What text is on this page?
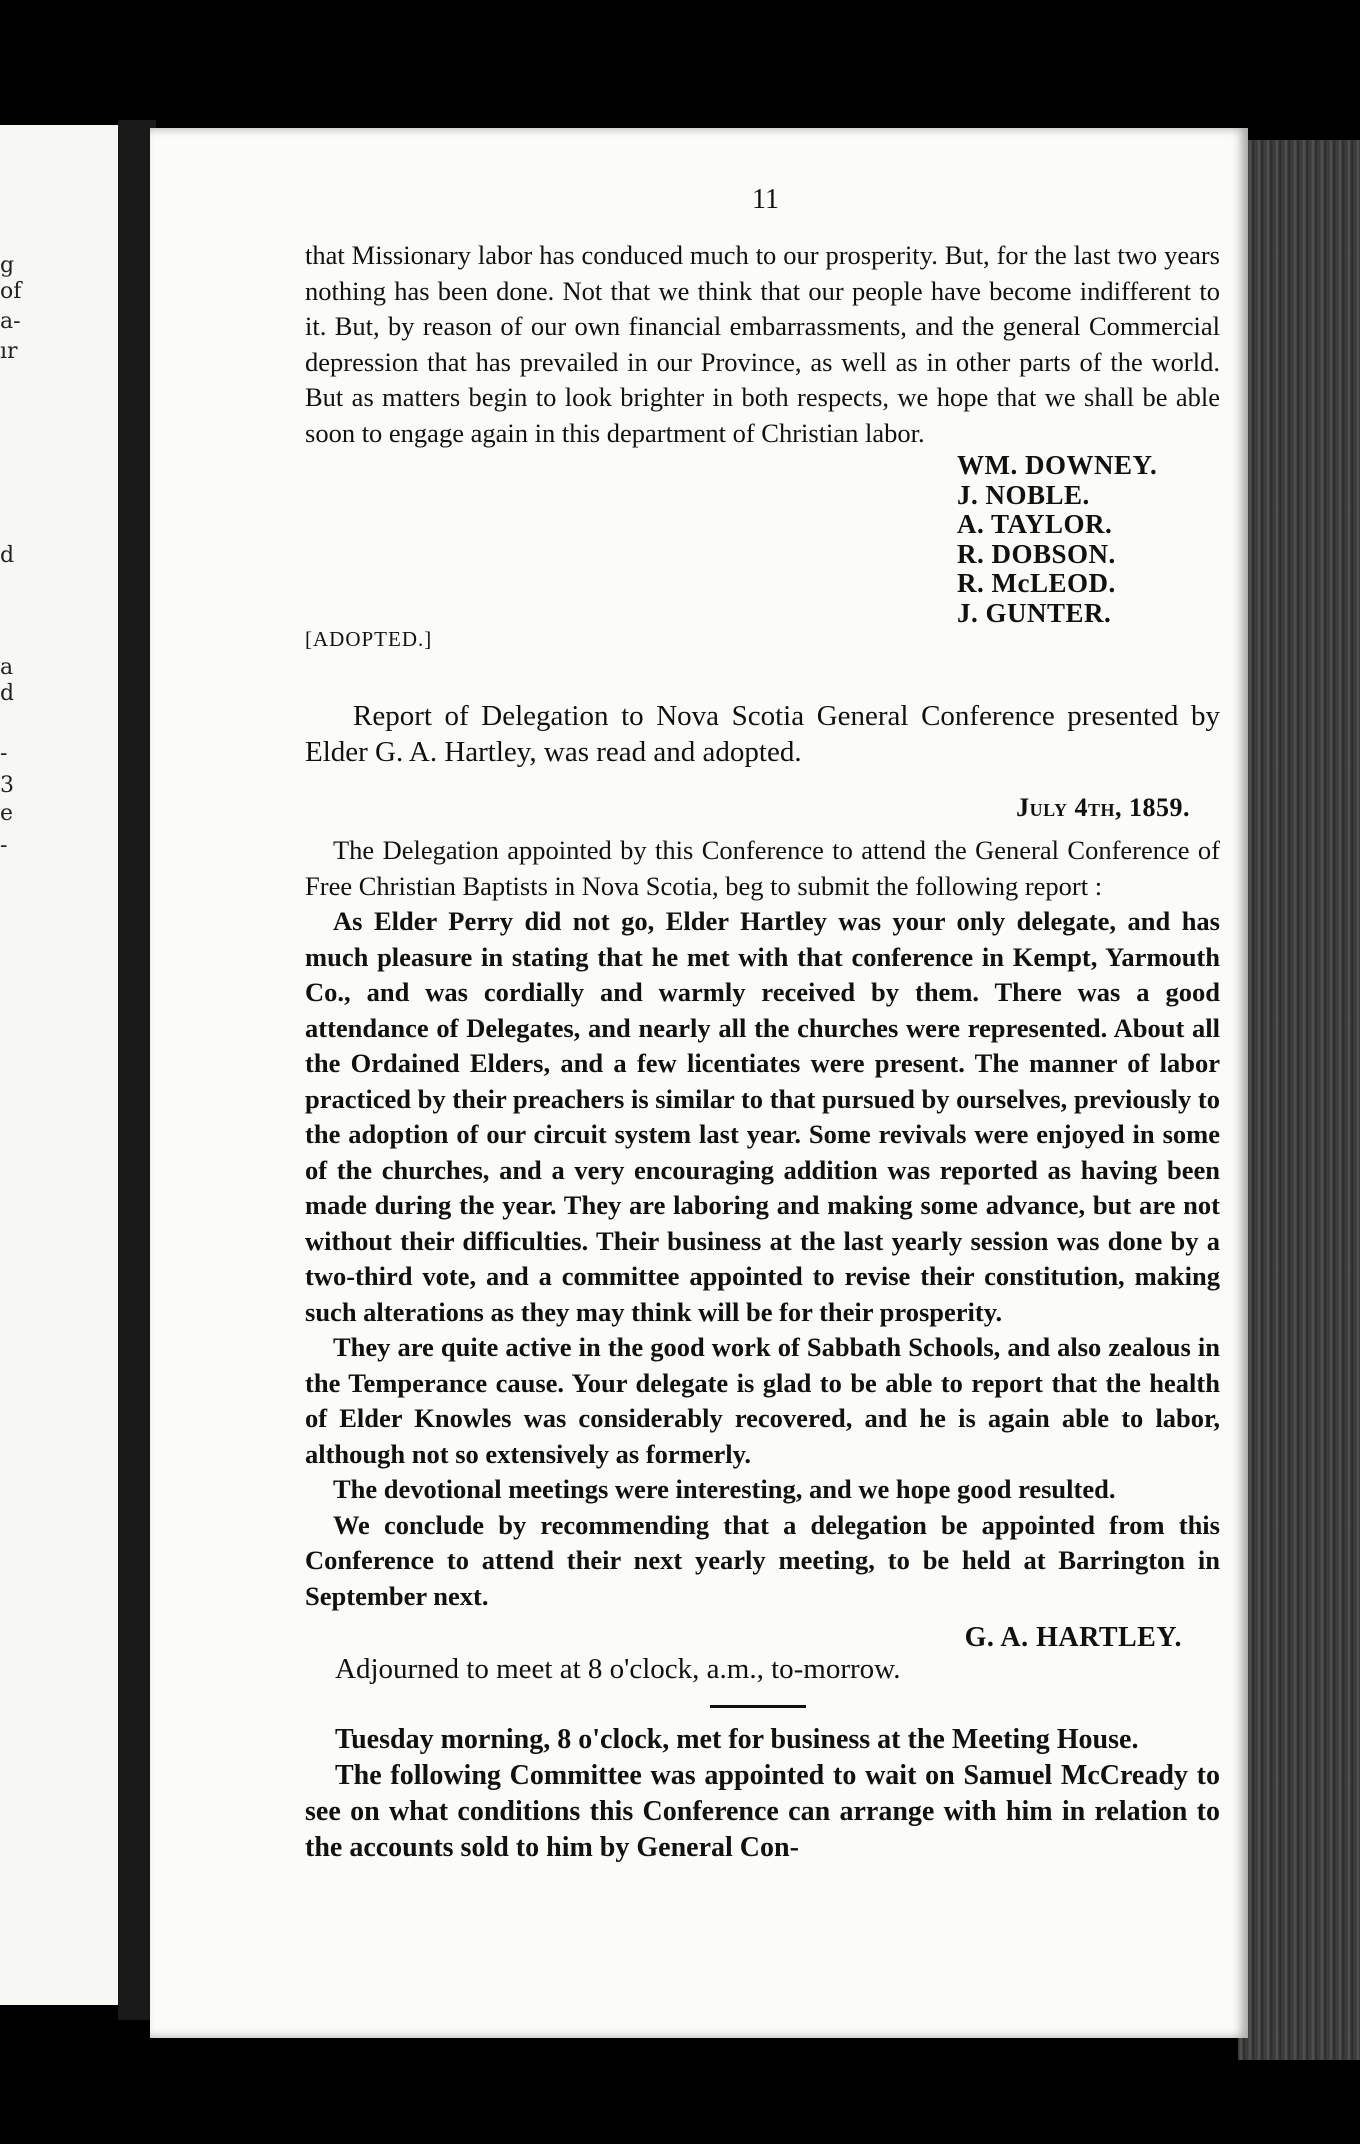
g
of
a-
ır
d
a
d
-
3
e
-
11

that Missionary labor has conduced much to our prosperity. But, for the last two years nothing has been done. Not that we think that our people have become indifferent to it. But, by reason of our own financial embarrassments, and the general Commercial depression that has prevailed in our Province, as well as in other parts of the world. But as matters begin to look brighter in both respects, we hope that we shall be able soon to engage again in this department of Christian labor.

WM. DOWNEY.
J. NOBLE.
A. TAYLOR.
R. DOBSON.
R. McLEOD.
J. GUNTER.
[ADOPTED.]

Report of Delegation to Nova Scotia General Conference presented by Elder G. A. Hartley, was read and adopted.

July 4th, 1859.

The Delegation appointed by this Conference to attend the General Conference of Free Christian Baptists in Nova Scotia, beg to submit the following report :

As Elder Perry did not go, Elder Hartley was your only delegate, and has much pleasure in stating that he met with that conference in Kempt, Yarmouth Co., and was cordially and warmly received by them. There was a good attendance of Delegates, and nearly all the churches were represented. About all the Ordained Elders, and a few licentiates were present. The manner of labor practiced by their preachers is similar to that pursued by ourselves, previously to the adoption of our circuit system last year. Some revivals were enjoyed in some of the churches, and a very encouraging addition was reported as having been made during the year. They are laboring and making some advance, but are not without their difficulties. Their business at the last yearly session was done by a two-third vote, and a committee appointed to revise their constitution, making such alterations as they may think will be for their prosperity.

They are quite active in the good work of Sabbath Schools, and also zealous in the Temperance cause. Your delegate is glad to be able to report that the health of Elder Knowles was considerably recovered, and he is again able to labor, although not so extensively as formerly.

The devotional meetings were interesting, and we hope good resulted.

We conclude by recommending that a delegation be appointed from this Conference to attend their next yearly meeting, to be held at Barrington in September next.

G. A. HARTLEY.

Adjourned to meet at 8 o'clock, a.m., to-morrow.

Tuesday morning, 8 o'clock, met for business at the Meeting House.

The following Committee was appointed to wait on Samuel McCready to see on what conditions this Conference can arrange with him in relation to the accounts sold to him by General Con-
